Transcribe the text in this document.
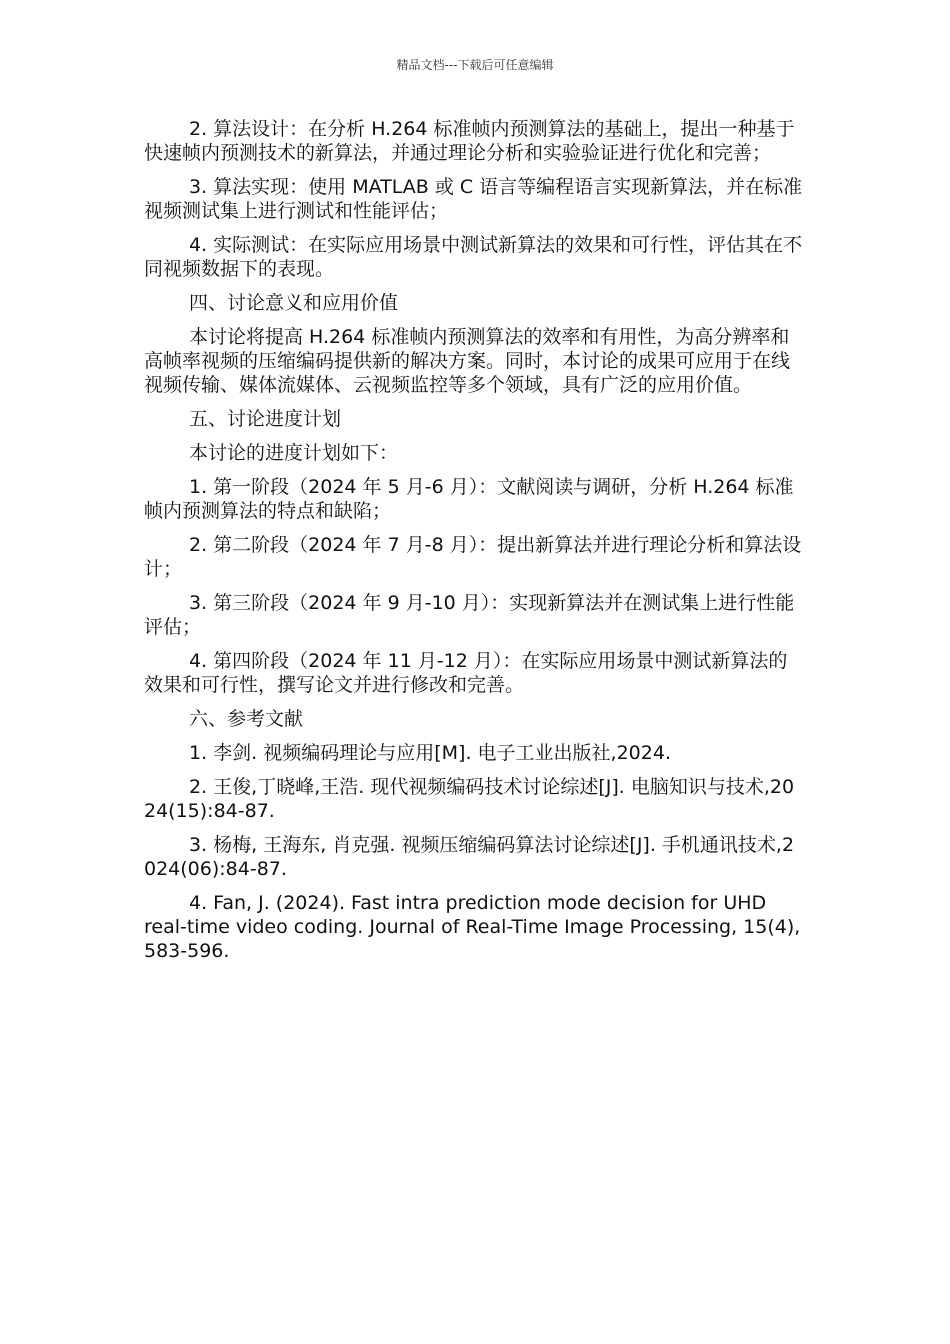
精品文档---下载后可任意编辑

2. 算法设计：在分析 H.264 标准帧内预测算法的基础上，提出一种基于快速帧内预测技术的新算法，并通过理论分析和实验验证进行优化和完善；

3. 算法实现：使用 MATLAB 或 C 语言等编程语言实现新算法，并在标准视频测试集上进行测试和性能评估；

4. 实际测试：在实际应用场景中测试新算法的效果和可行性，评估其在不同视频数据下的表现。

四、讨论意义和应用价值

本讨论将提高 H.264 标准帧内预测算法的效率和有用性，为高分辨率和高帧率视频的压缩编码提供新的解决方案。同时，本讨论的成果可应用于在线视频传输、媒体流媒体、云视频监控等多个领域，具有广泛的应用价值。

五、讨论进度计划

本讨论的进度计划如下：

1. 第一阶段（2024 年 5 月-6 月）：文献阅读与调研，分析 H.264 标准帧内预测算法的特点和缺陷；

2. 第二阶段（2024 年 7 月-8 月）：提出新算法并进行理论分析和算法设计；

3. 第三阶段（2024 年 9 月-10 月）：实现新算法并在测试集上进行性能评估；

4. 第四阶段（2024 年 11 月-12 月）：在实际应用场景中测试新算法的效果和可行性，撰写论文并进行修改和完善。

六、参考文献

1. 李剑. 视频编码理论与应用[M]. 电子工业出版社,2024.

2. 王俊,丁晓峰,王浩. 现代视频编码技术讨论综述[J]. 电脑知识与技术,2024(15):84-87.

3. 杨梅, 王海东, 肖克强. 视频压缩编码算法讨论综述[J]. 手机通讯技术,2024(06):84-87.

4. Fan, J. (2024). Fast intra prediction mode decision for UHD real-time video coding. Journal of Real-Time Image Processing, 15(4), 583-596.
